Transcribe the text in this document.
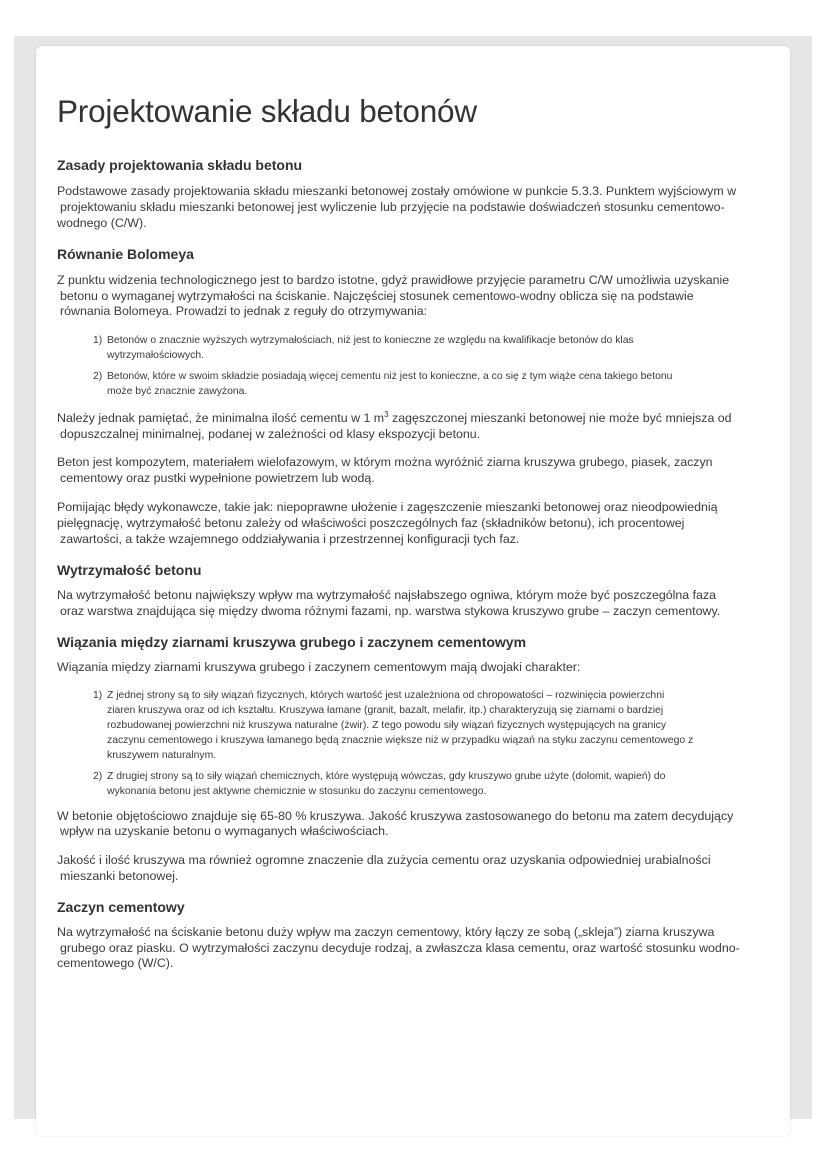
Projektowanie składu betonów
Zasady projektowania składu betonu

Podstawowe zasady projektowania składu mieszanki betonowej zostały omówione w punkcie 5.3.3. Punktem wyjściowym w
projektowaniu składu mieszanki betonowej jest wyliczenie lub przyjęcie na podstawie doświadczeń stosunku cementowo-
wodnego (C/W).

Równanie Bolomeya

Z punktu widzenia technologicznego jest to bardzo istotne, gdyż prawidłowe przyjęcie parametru C/W umożliwia uzyskanie
betonu o wymaganej wytrzymałości na ściskanie. Najczęściej stosunek cementowo-wodny oblicza się na podstawie
równania Bolomeya. Prowadzi to jednak z reguły do otrzymywania:

1) Betonów o znacznie wyższych wytrzymałościach, niż jest to konieczne ze względu na kwalifikacje betonów do klas
wytrzymałościowych.
2) Betonów, które w swoim składzie posiadają więcej cementu niż jest to konieczne, a co się z tym wiąże cena takiego betonu
może być znacznie zawyżona.

Należy jednak pamiętać, że minimalna ilość cementu w 1 $m^3$ zagęszczonej mieszanki betonowej nie może być mniejsza od
dopuszczalnej minimalnej, podanej w zależności od klasy ekspozycji betonu.

Beton jest kompozytem, materiałem wielofazowym, w którym można wyróżnić ziarna kruszywa grubego, piasek, zaczyn
cementowy oraz pustki wypełnione powietrzem lub wodą.

Pomijając błędy wykonawcze, takie jak: niepoprawne ułożenie i zagęszczenie mieszanki betonowej oraz nieodpowiednią
pielęgnację, wytrzymałość betonu zależy od właściwości poszczególnych faz (składników betonu), ich procentowej
zawartości, a także wzajemnego oddziaływania i przestrzennej konfiguracji tych faz.

Wytrzymałość betonu

Na wytrzymałość betonu największy wpływ ma wytrzymałość najsłabszego ogniwa, którym może być poszczególna faza
oraz warstwa znajdująca się między dwoma różnymi fazami, np. warstwa stykowa kruszywo grube – zaczyn cementowy.

Wiązania między ziarnami kruszywa grubego i zaczynem cementowym

Wiązania między ziarnami kruszywa grubego i zaczynem cementowym mają dwojaki charakter:

1) Z jednej strony są to siły wiązań fizycznych, których wartość jest uzależniona od chropowatości – rozwinięcia powierzchni
ziaren kruszywa oraz od ich kształtu. Kruszywa łamane (granit, bazalt, melafir, itp.) charakteryzują się ziarnami o bardziej
rozbudowanej powierzchni niż kruszywa naturalne (żwir). Z tego powodu siły wiązań fizycznych występujących na granicy
zaczynu cementowego i kruszywa łamanego będą znacznie większe niż w przypadku wiązań na styku zaczynu cementowego z
kruszywem naturalnym.
2) Z drugiej strony są to siły wiązań chemicznych, które występują wówczas, gdy kruszywo grube użyte (dolomit, wapień) do
wykonania betonu jest aktywne chemicznie w stosunku do zaczynu cementowego.

W betonie objętościowo znajduje się 65-80 % kruszywa. Jakość kruszywa zastosowanego do betonu ma zatem decydujący
wpływ na uzyskanie betonu o wymaganych właściwościach.

Jakość i ilość kruszywa ma również ogromne znaczenie dla zużycia cementu oraz uzyskania odpowiedniej urabialności
mieszanki betonowej.

Zaczyn cementowy

Na wytrzymałość na ściskanie betonu duży wpływ ma zaczyn cementowy, który łączy ze sobą („skleja”) ziarna kruszywa
grubego oraz piasku. O wytrzymałości zaczynu decyduje rodzaj, a zwłaszcza klasa cementu, oraz wartość stosunku wodno-
cementowego (W/C).
